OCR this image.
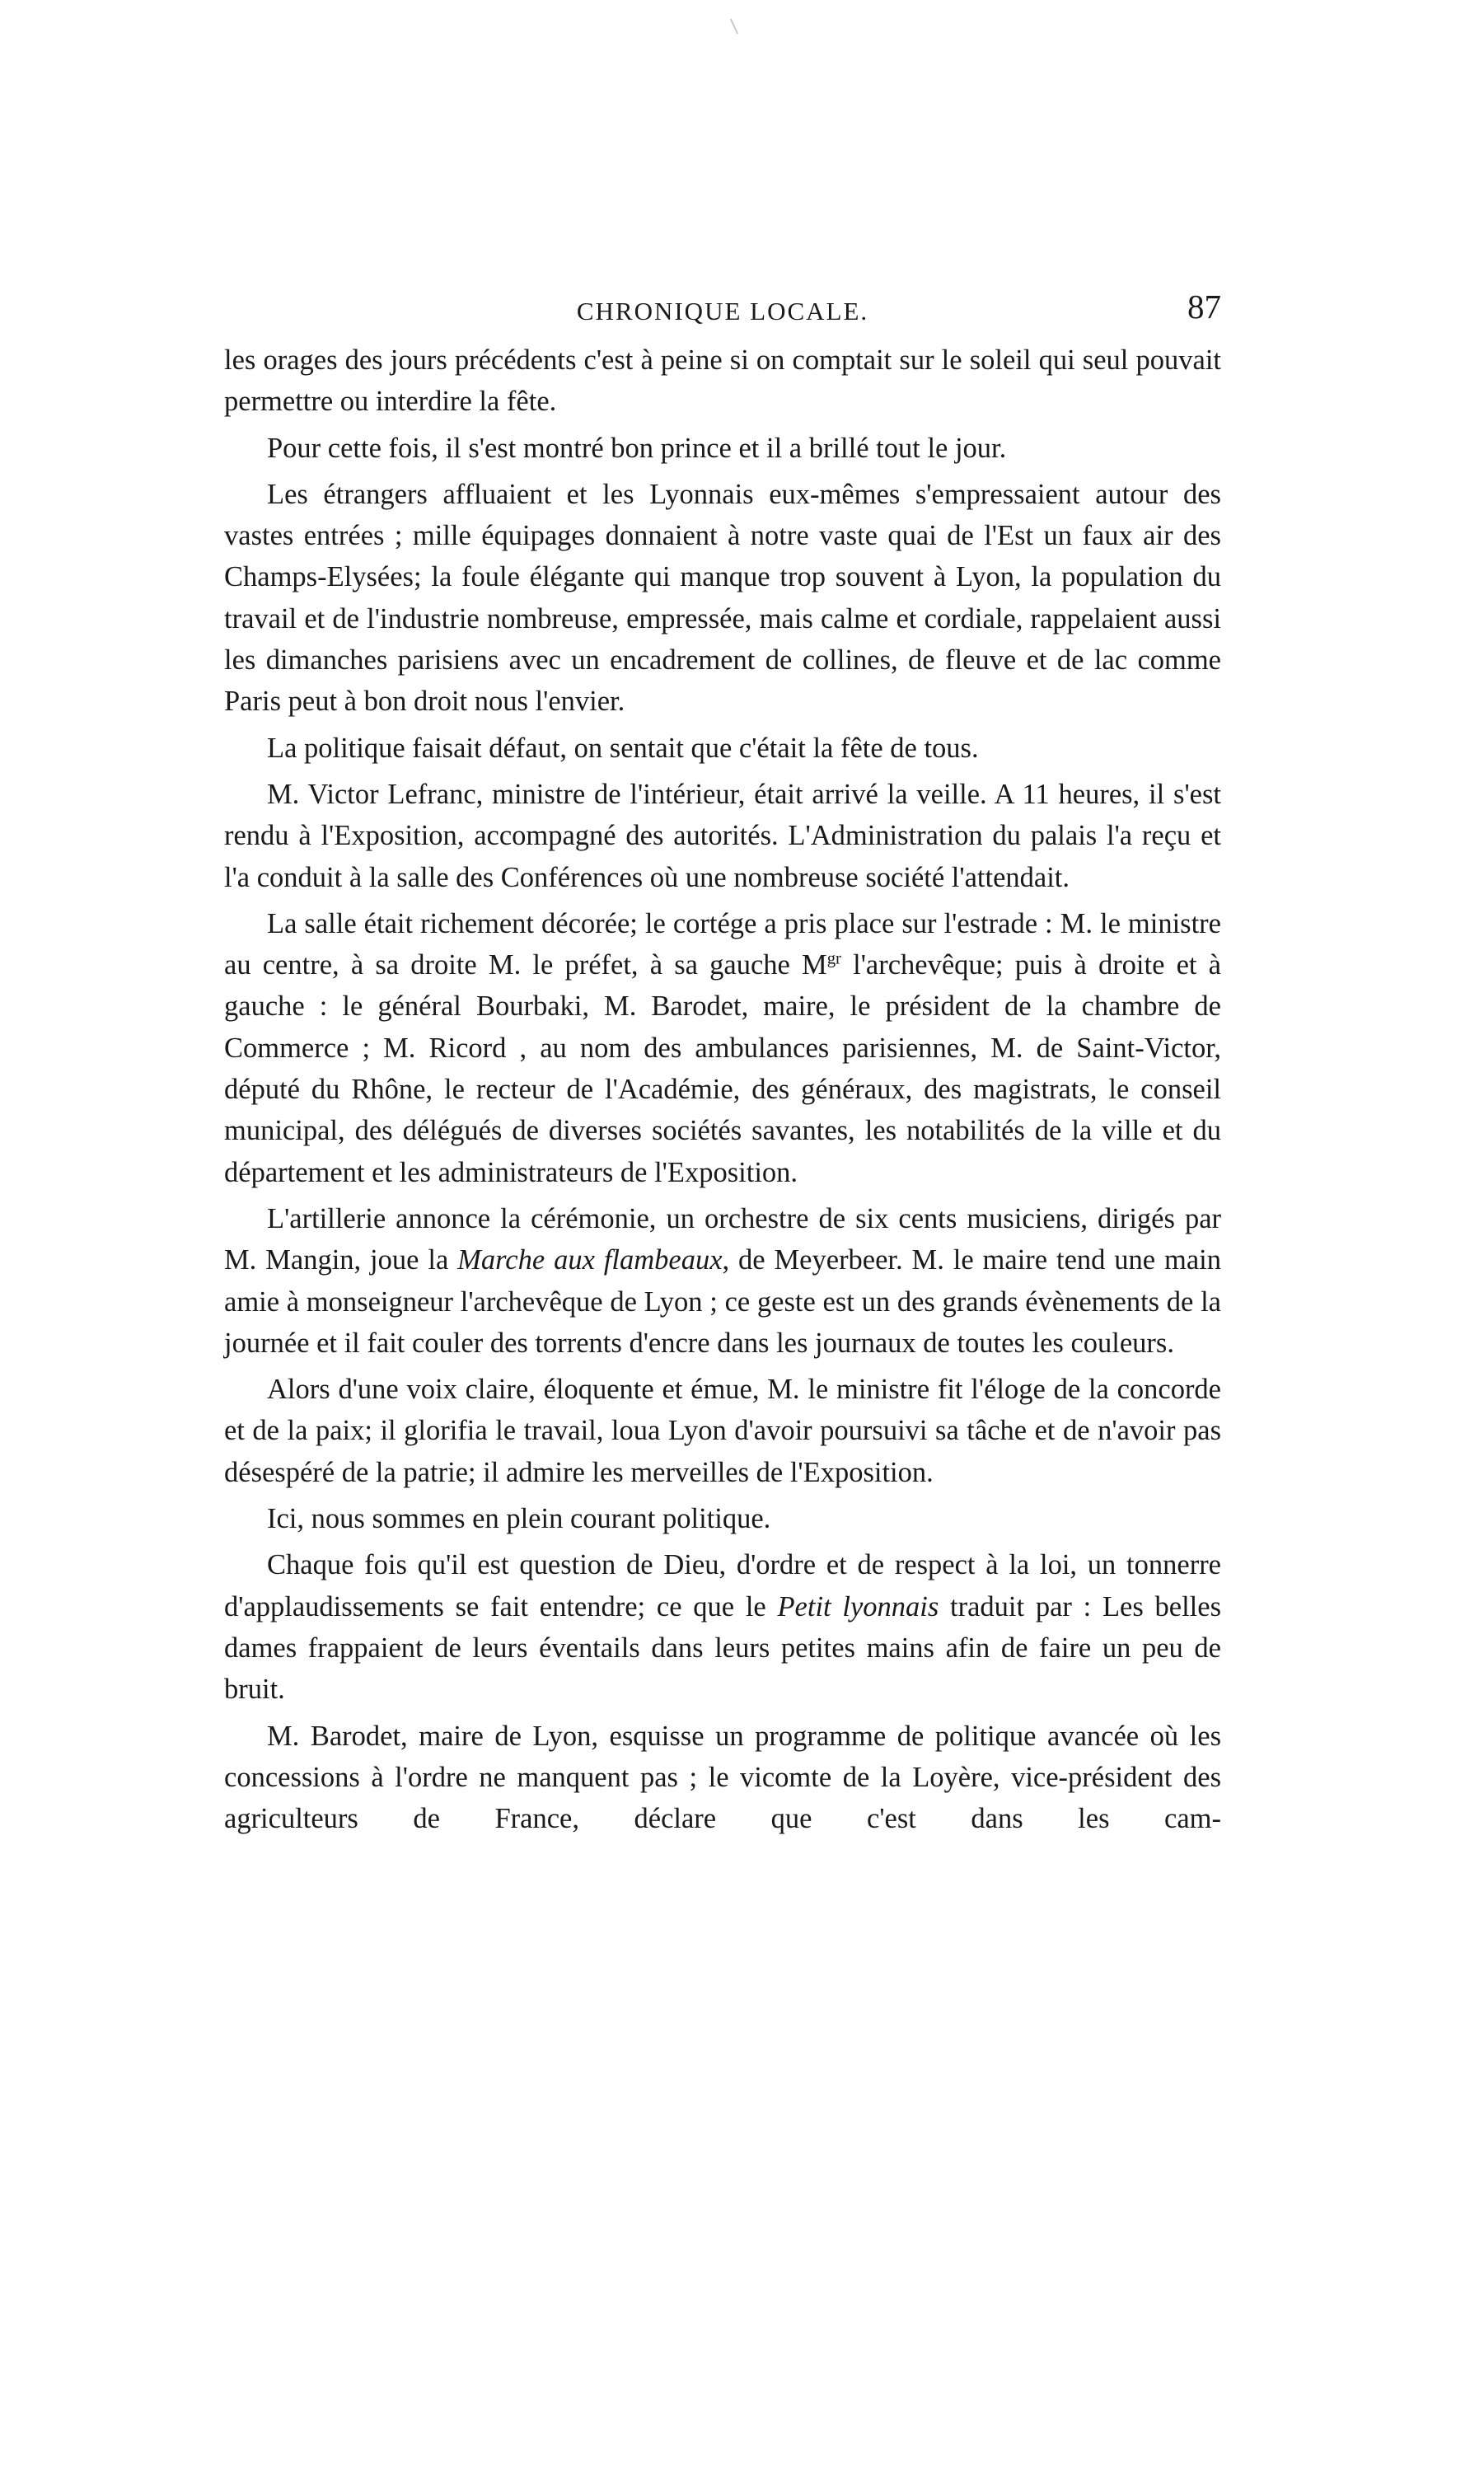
CHRONIQUE LOCALE.	87

les orages des jours précédents c'est à peine si on comptait sur le soleil qui seul pouvait permettre ou interdire la fête.

Pour cette fois, il s'est montré bon prince et il a brillé tout le jour.

Les étrangers affluaient et les Lyonnais eux-mêmes s'empressaient autour des vastes entrées ; mille équipages donnaient à notre vaste quai de l'Est un faux air des Champs-Elysées; la foule élégante qui manque trop souvent à Lyon, la population du travail et de l'industrie nombreuse, empressée, mais calme et cordiale, rappelaient aussi les dimanches parisiens avec un encadrement de collines, de fleuve et de lac comme Paris peut à bon droit nous l'envier.

La politique faisait défaut, on sentait que c'était la fête de tous.

M. Victor Lefranc, ministre de l'intérieur, était arrivé la veille. A 11 heures, il s'est rendu à l'Exposition, accompagné des autorités. L'Administration du palais l'a reçu et l'a conduit à la salle des Conférences où une nombreuse société l'attendait.

La salle était richement décorée; le cortége a pris place sur l'estrade : M. le ministre au centre, à sa droite M. le préfet, à sa gauche $M^{gr}$ l'archevêque; puis à droite et à gauche : le général Bourbaki, M. Barodet, maire, le président de la chambre de Commerce ; M. Ricord , au nom des ambulances parisiennes, M. de Saint-Victor, député du Rhône, le recteur de l'Académie, des généraux, des magistrats, le conseil municipal, des délégués de diverses sociétés savantes, les notabilités de la ville et du département et les administrateurs de l'Exposition.

L'artillerie annonce la cérémonie, un orchestre de six cents musiciens, dirigés par M. Mangin, joue la Marche aux flambeaux, de Meyerbeer. M. le maire tend une main amie à monseigneur l'archevêque de Lyon ; ce geste est un des grands évènements de la journée et il fait couler des torrents d'encre dans les journaux de toutes les couleurs.

Alors d'une voix claire, éloquente et émue, M. le ministre fit l'éloge de la concorde et de la paix; il glorifia le travail, loua Lyon d'avoir poursuivi sa tâche et de n'avoir pas désespéré de la patrie; il admire les merveilles de l'Exposition.

Ici, nous sommes en plein courant politique.

Chaque fois qu'il est question de Dieu, d'ordre et de respect à la loi, un tonnerre d'applaudissements se fait entendre; ce que le Petit lyonnais traduit par : Les belles dames frappaient de leurs éventails dans leurs petites mains afin de faire un peu de bruit.

M. Barodet, maire de Lyon, esquisse un programme de politique avancée où les concessions à l'ordre ne manquent pas ; le vicomte de la Loyère, vice-président des agriculteurs de France, déclare que c'est dans les cam-
